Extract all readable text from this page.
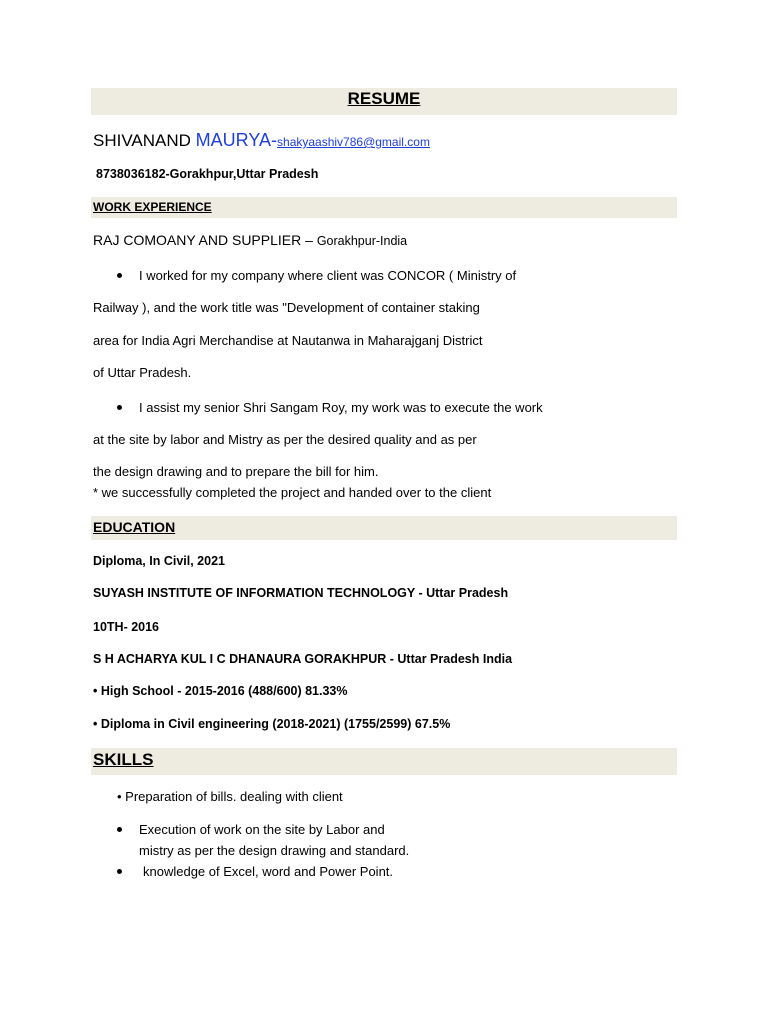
RESUME
SHIVANAND MAURYA-shakyaashiv786@gmail.com
8738036182-Gorakhpur,Uttar Pradesh
WORK EXPERIENCE
RAJ COMOANY AND SUPPLIER – Gorakhpur-India
I worked for my company where client was CONCOR ( Ministry of
Railway ), and the work title was "Development of container staking
area for India Agri Merchandise at Nautanwa in Maharajganj District
of Uttar Pradesh.
I assist my senior Shri Sangam Roy, my work was to execute the work
at the site by labor and Mistry as per the desired quality and as per
the design drawing and to prepare the bill for him.
* we successfully completed the project and handed over to the client
EDUCATION
Diploma, In Civil, 2021
SUYASH INSTITUTE OF INFORMATION TECHNOLOGY - Uttar Pradesh
10TH- 2016
S H ACHARYA KUL I C DHANAURA GORAKHPUR - Uttar Pradesh India
• High School - 2015-2016 (488/600) 81.33%
• Diploma in Civil engineering (2018-2021) (1755/2599) 67.5%
SKILLS
• Preparation of bills. dealing with client
Execution of work on the site by Labor and
mistry as per the design drawing and standard.
knowledge of Excel, word and Power Point.
